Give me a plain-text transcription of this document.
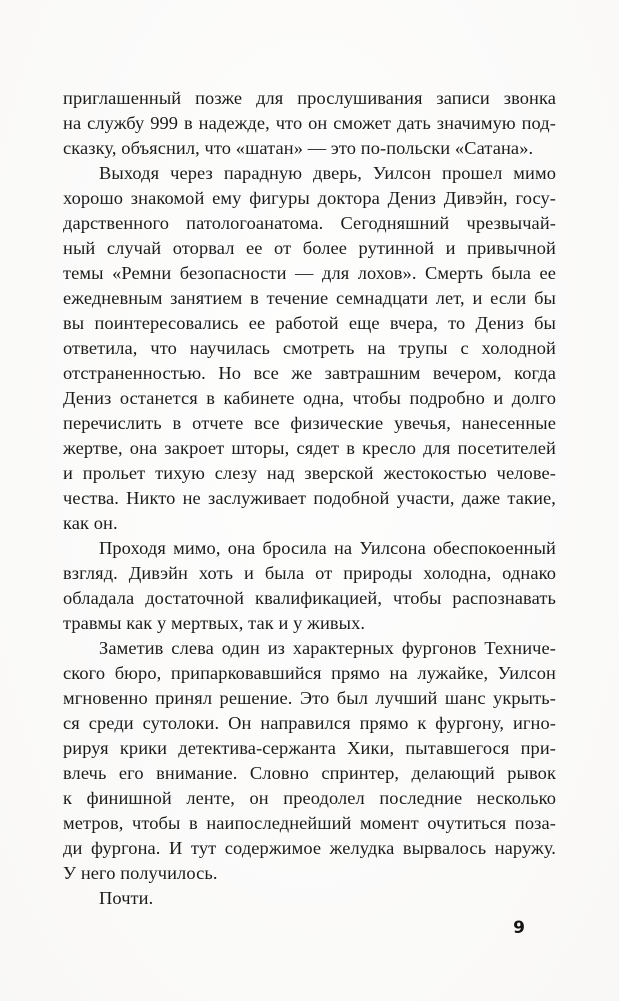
приглашенный позже для прослушивания записи звонка
на службу 999 в надежде, что он сможет дать значимую под-
сказку, объяснил, что «шатан» — это по-польски «Сатана».
Выходя через парадную дверь, Уилсон прошел мимо
хорошо знакомой ему фигуры доктора Дениз Дивэйн, госу-
дарственного патологоанатома. Сегодняшний чрезвычай-
ный случай оторвал ее от более рутинной и привычной
темы «Ремни безопасности — для лохов». Смерть была ее
ежедневным занятием в течение семнадцати лет, и если бы
вы поинтересовались ее работой еще вчера, то Дениз бы
ответила, что научилась смотреть на трупы с холодной
отстраненностью. Но все же завтрашним вечером, когда
Дениз останется в кабинете одна, чтобы подробно и долго
перечислить в отчете все физические увечья, нанесенные
жертве, она закроет шторы, сядет в кресло для посетителей
и прольет тихую слезу над зверской жестокостью челове-
чества. Никто не заслуживает подобной участи, даже такие,
как он.
Проходя мимо, она бросила на Уилсона обеспокоенный
взгляд. Дивэйн хоть и была от природы холодна, однако
обладала достаточной квалификацией, чтобы распознавать
травмы как у мертвых, так и у живых.
Заметив слева один из характерных фургонов Техниче-
ского бюро, припарковавшийся прямо на лужайке, Уилсон
мгновенно принял решение. Это был лучший шанс укрыть-
ся среди сутолоки. Он направился прямо к фургону, игно-
рируя крики детектива-сержанта Хики, пытавшегося при-
влечь его внимание. Словно спринтер, делающий рывок
к финишной ленте, он преодолел последние несколько
метров, чтобы в наипоследнейший момент очутиться поза-
ди фургона. И тут содержимое желудка вырвалось наружу.
У него получилось.
Почти.
9
